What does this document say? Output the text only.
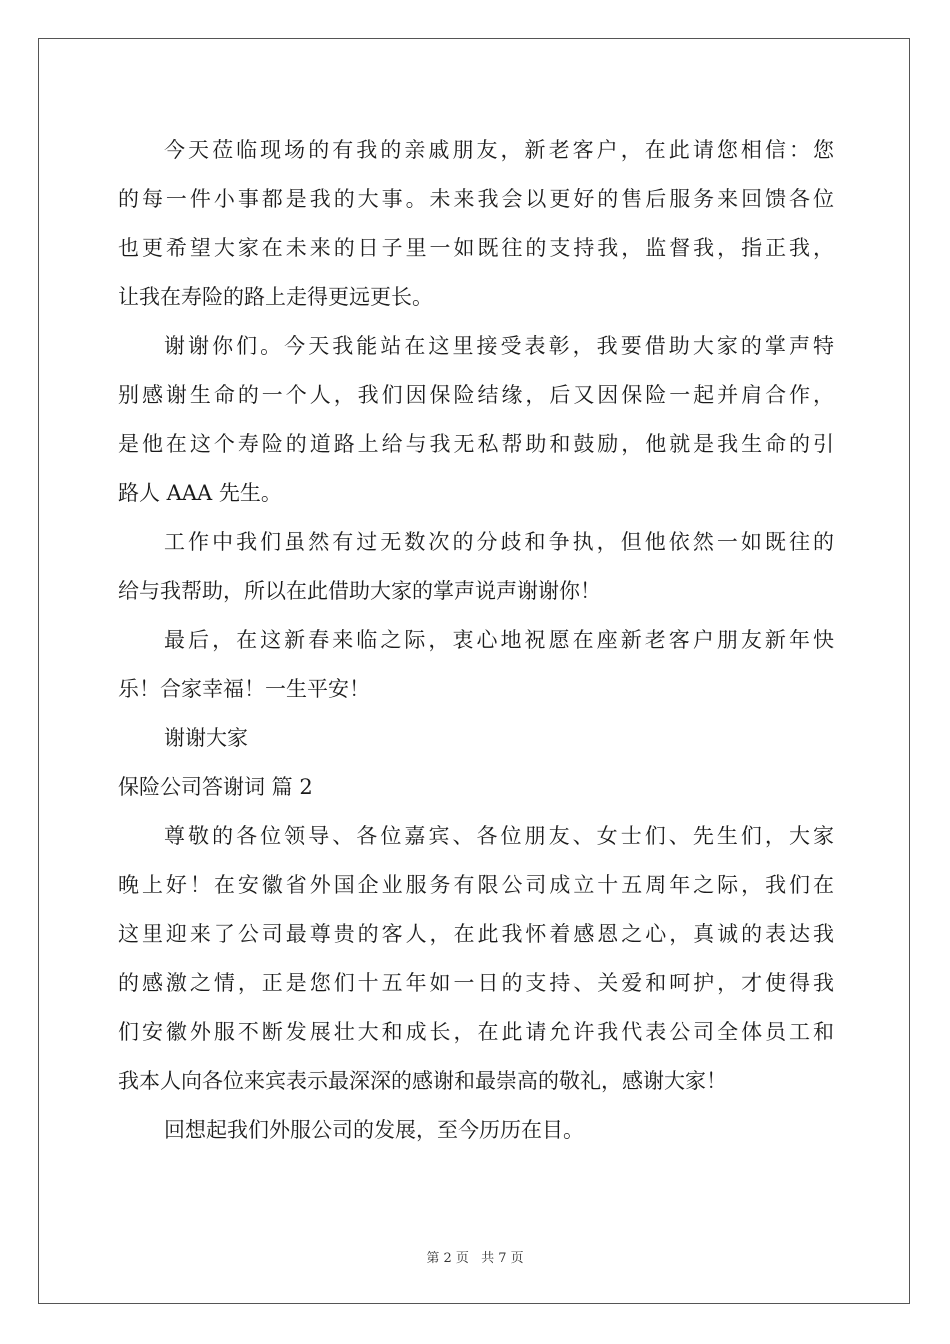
今天莅临现场的有我的亲戚朋友，新老客户，在此请您相信：您
的每一件小事都是我的大事。未来我会以更好的售后服务来回馈各位
也更希望大家在未来的日子里一如既往的支持我，监督我，指正我，
让我在寿险的路上走得更远更长。
谢谢你们。今天我能站在这里接受表彰，我要借助大家的掌声特
别感谢生命的一个人，我们因保险结缘，后又因保险一起并肩合作，
是他在这个寿险的道路上给与我无私帮助和鼓励，他就是我生命的引
路人 AAA 先生。
工作中我们虽然有过无数次的分歧和争执，但他依然一如既往的
给与我帮助，所以在此借助大家的掌声说声谢谢你！
最后，在这新春来临之际，衷心地祝愿在座新老客户朋友新年快
乐！合家幸福！一生平安！
谢谢大家
保险公司答谢词 篇 2
尊敬的各位领导、各位嘉宾、各位朋友、女士们、先生们，大家
晚上好！在安徽省外国企业服务有限公司成立十五周年之际，我们在
这里迎来了公司最尊贵的客人，在此我怀着感恩之心，真诚的表达我
的感激之情，正是您们十五年如一日的支持、关爱和呵护，才使得我
们安徽外服不断发展壮大和成长，在此请允许我代表公司全体员工和
我本人向各位来宾表示最深深的感谢和最崇高的敬礼，感谢大家！
回想起我们外服公司的发展，至今历历在目。
第 2 页 共 7 页
